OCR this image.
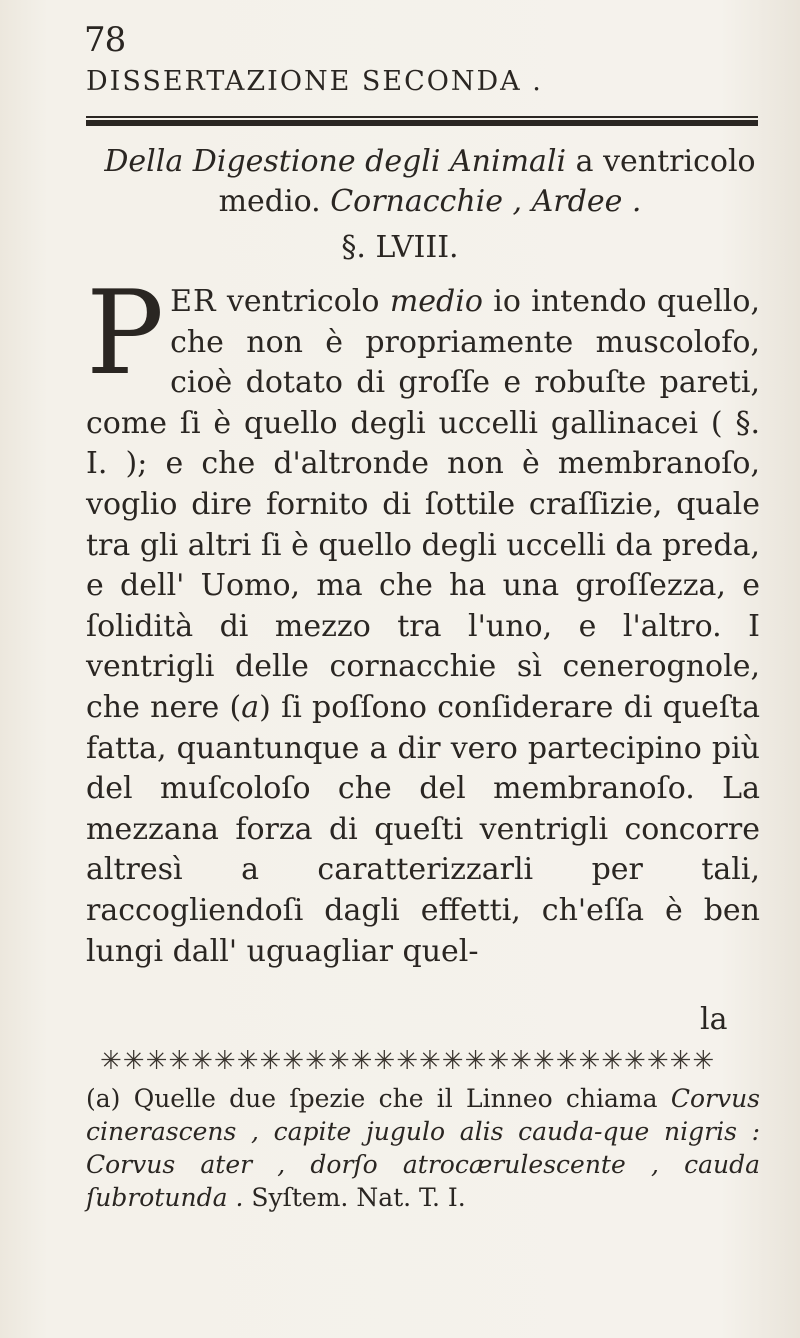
78
DISSERTAZIONE SECONDA .
Della Digestione degli Animali a ventricolo medio. Cornacchie , Ardee .
§. LVIII.
PER ventricolo medio io intendo quello, che non è propriamente muscolofo, cioè dotato di groſſe e robuſte pareti, come ſi è quello degli uccelli gallinacei ( §. I. ); e che d'altronde non è membranoſo, voglio dire fornito di ſottile craſſizie, quale tra gli altri ſi è quello degli uccelli da preda, e dell' Uomo, ma che ha una groſſezza, e ſolidità di mezzo tra l'uno, e l'altro. I ventrigli delle cornacchie sì cenerognole, che nere (a) ſi poſſono conſiderare di queſta fatta, quantunque a dir vero partecipino più del muſcoloſo che del membranoſo. La mezzana forza di queſti ventrigli concorre altresì a caratterizzarli per tali, raccogliendoſi dagli effetti, ch'eſſa è ben lungi dall' uguagliar quel-
la
✳✳✳✳✳✳✳✳✳✳✳✳✳✳✳✳✳✳✳✳✳✳✳✳✳✳✳
(a) Quelle due ſpezie che il Linneo chiama Corvus cinerascens , capite jugulo alis cauda-que nigris : Corvus ater , dorſo atrocærulescente , cauda ſubrotunda . Syſtem. Nat. T. I.
